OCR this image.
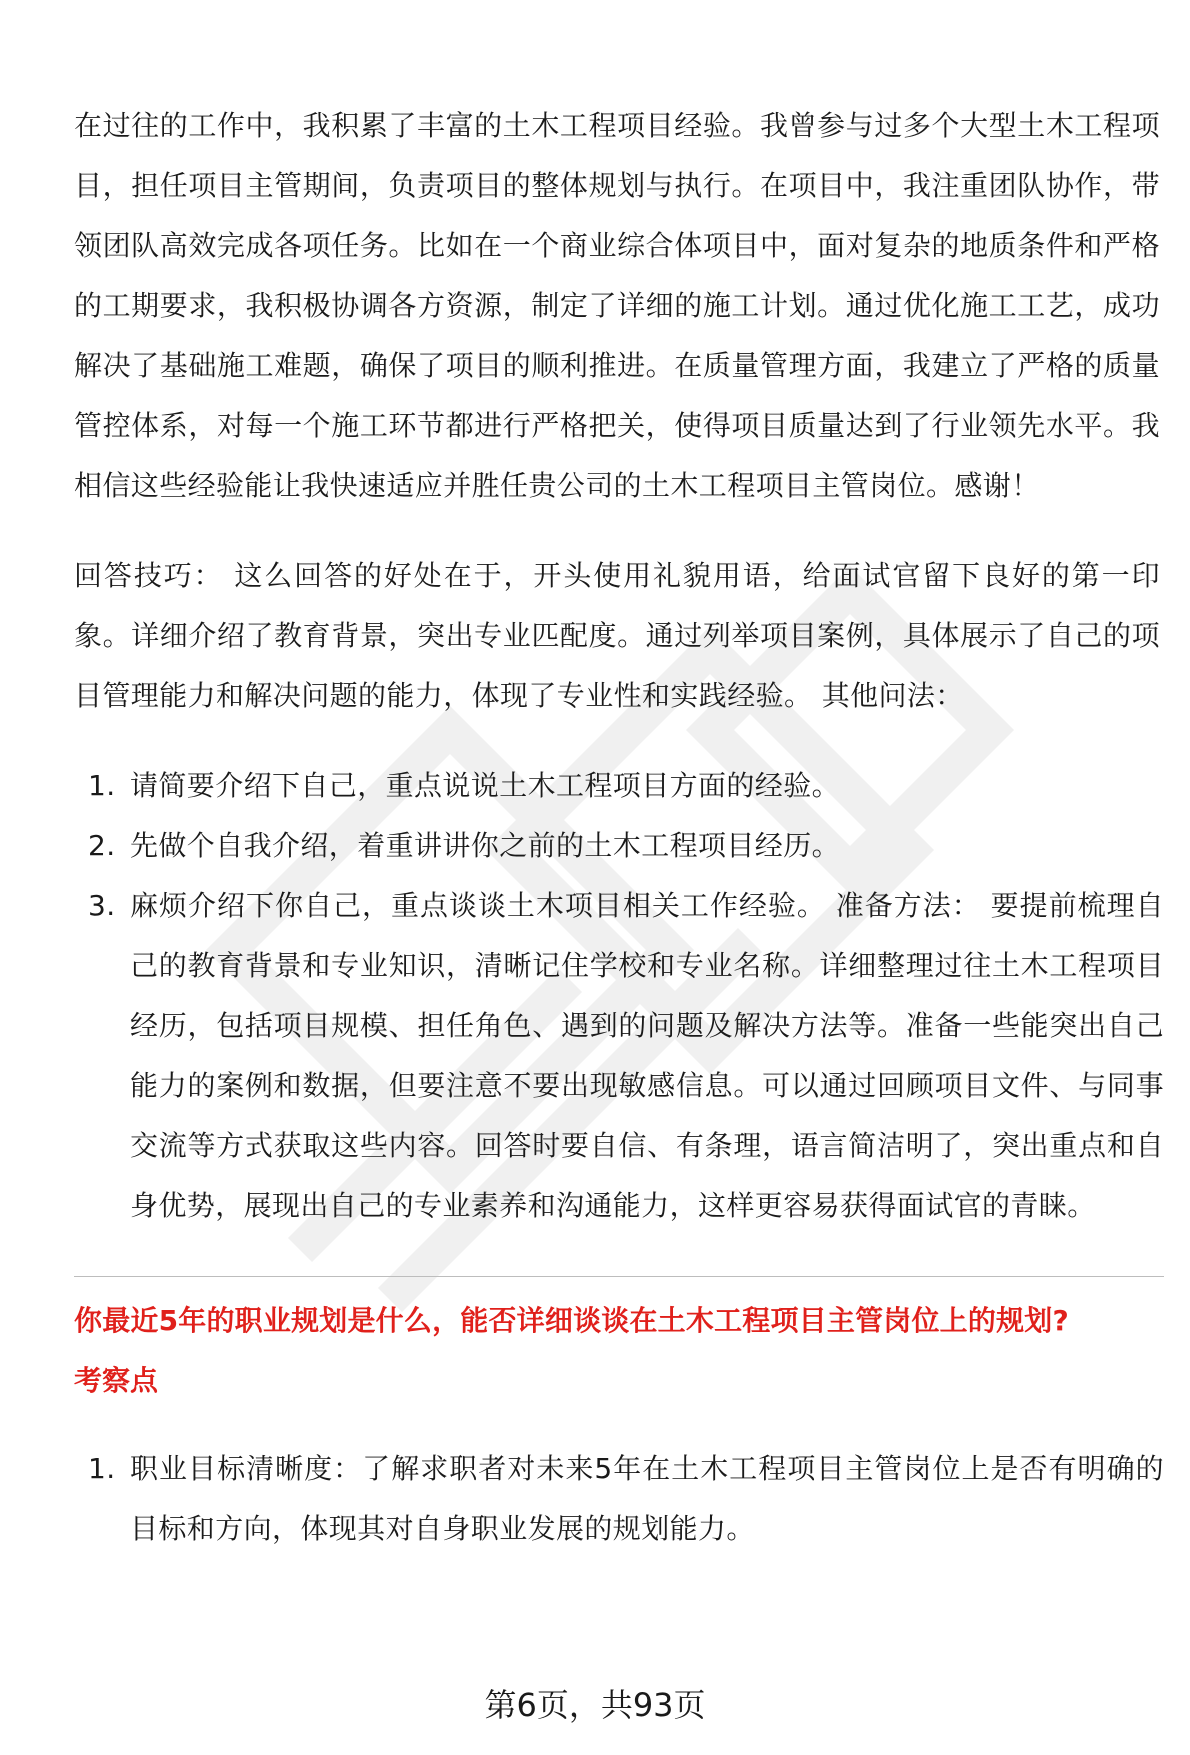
在过往的工作中，我积累了丰富的土木工程项目经验。我曾参与过多个大型土木工程项目，担任项目主管期间，负责项目的整体规划与执行。在项目中，我注重团队协作，带领团队高效完成各项任务。比如在一个商业综合体项目中，面对复杂的地质条件和严格的工期要求，我积极协调各方资源，制定了详细的施工计划。通过优化施工工艺，成功解决了基础施工难题，确保了项目的顺利推进。在质量管理方面，我建立了严格的质量管控体系，对每一个施工环节都进行严格把关，使得项目质量达到了行业领先水平。我相信这些经验能让我快速适应并胜任贵公司的土木工程项目主管岗位。感谢！

回答技巧： 这么回答的好处在于，开头使用礼貌用语，给面试官留下良好的第一印象。详细介绍了教育背景，突出专业匹配度。通过列举项目案例，具体展示了自己的项目管理能力和解决问题的能力，体现了专业性和实践经验。 其他问法：

1. 请简要介绍下自己，重点说说土木工程项目方面的经验。
2. 先做个自我介绍，着重讲讲你之前的土木工程项目经历。
3. 麻烦介绍下你自己，重点谈谈土木项目相关工作经验。 准备方法： 要提前梳理自己的教育背景和专业知识，清晰记住学校和专业名称。详细整理过往土木工程项目经历，包括项目规模、担任角色、遇到的问题及解决方法等。准备一些能突出自己能力的案例和数据，但要注意不要出现敏感信息。可以通过回顾项目文件、与同事交流等方式获取这些内容。回答时要自信、有条理，语言简洁明了，突出重点和自身优势，展现出自己的专业素养和沟通能力，这样更容易获得面试官的青睐。

你最近5年的职业规划是什么，能否详细谈谈在土木工程项目主管岗位上的规划?

考察点

1. 职业目标清晰度：了解求职者对未来5年在土木工程项目主管岗位上是否有明确的目标和方向，体现其对自身职业发展的规划能力。
第6页，共93页
